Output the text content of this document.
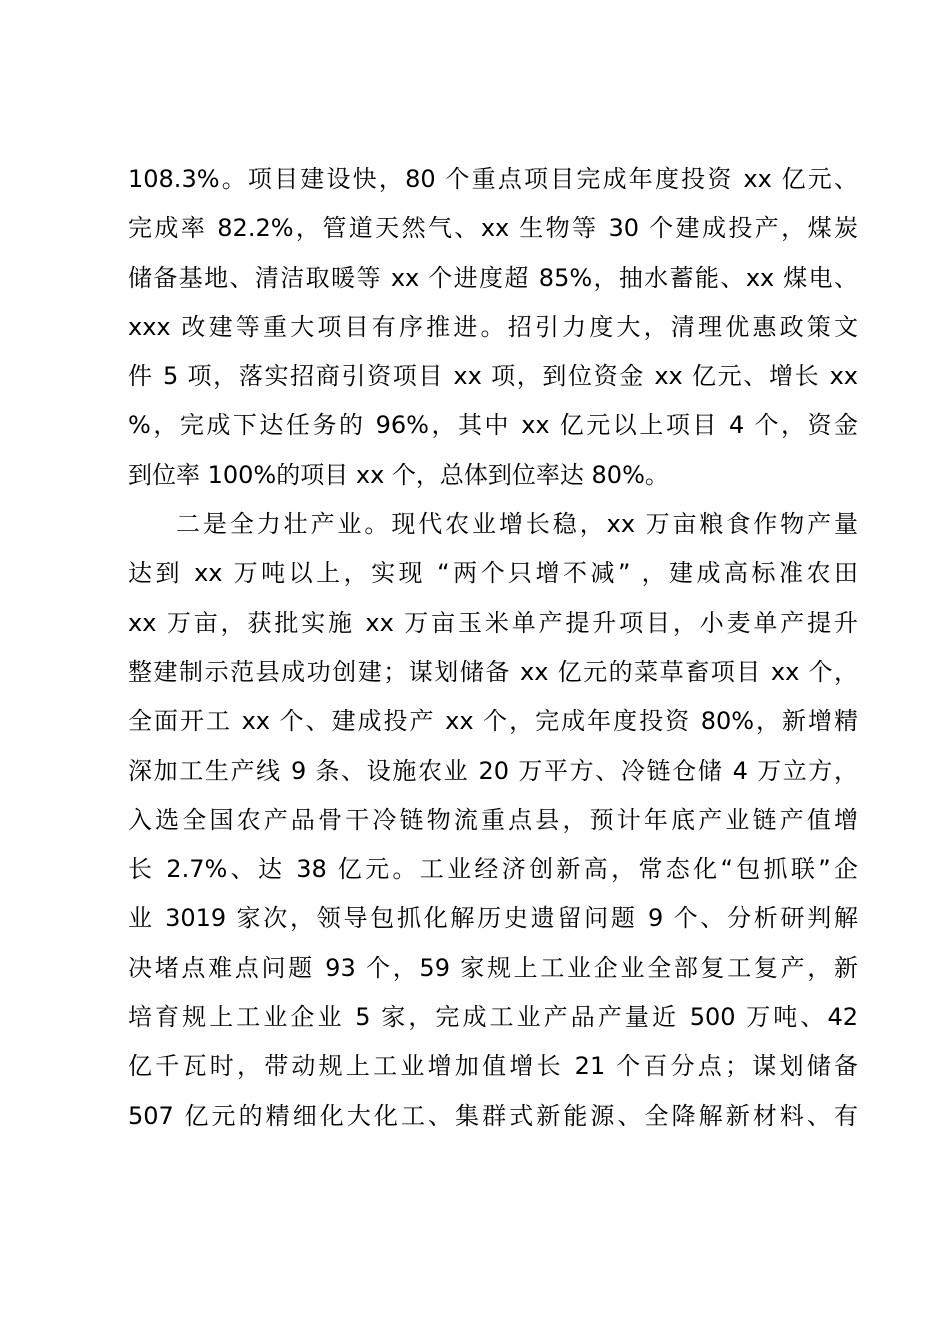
108.3%。项目建设快，80 个重点项目完成年度投资 xx 亿元、
完成率 82.2%，管道天然气、xx 生物等 30 个建成投产，煤炭
储备基地、清洁取暖等 xx 个进度超 85%，抽水蓄能、xx 煤电、
xxx 改建等重大项目有序推进。招引力度大，清理优惠政策文
件 5 项，落实招商引资项目 xx 项，到位资金 xx 亿元、增长 xx
%，完成下达任务的 96%，其中 xx 亿元以上项目 4 个，资金
到位率 100%的项目 xx 个，总体到位率达 80%。
二是全力壮产业。现代农业增长稳，xx 万亩粮食作物产量
达到 xx 万吨以上，实现 “两个只增不减” ，建成高标准农田
xx 万亩，获批实施 xx 万亩玉米单产提升项目，小麦单产提升
整建制示范县成功创建；谋划储备 xx 亿元的菜草畜项目 xx 个，
全面开工 xx 个、建成投产 xx 个，完成年度投资 80%，新增精
深加工生产线 9 条、设施农业 20 万平方、冷链仓储 4 万立方，
入选全国农产品骨干冷链物流重点县，预计年底产业链产值增
长 2.7%、达 38 亿元。工业经济创新高，常态化“包抓联”企
业 3019 家次，领导包抓化解历史遗留问题 9 个、分析研判解
决堵点难点问题 93 个，59 家规上工业企业全部复工复产，新
培育规上工业企业 5 家，完成工业产品产量近 500 万吨、42
亿千瓦时，带动规上工业增加值增长 21 个百分点；谋划储备
507 亿元的精细化大化工、集群式新能源、全降解新材料、有
